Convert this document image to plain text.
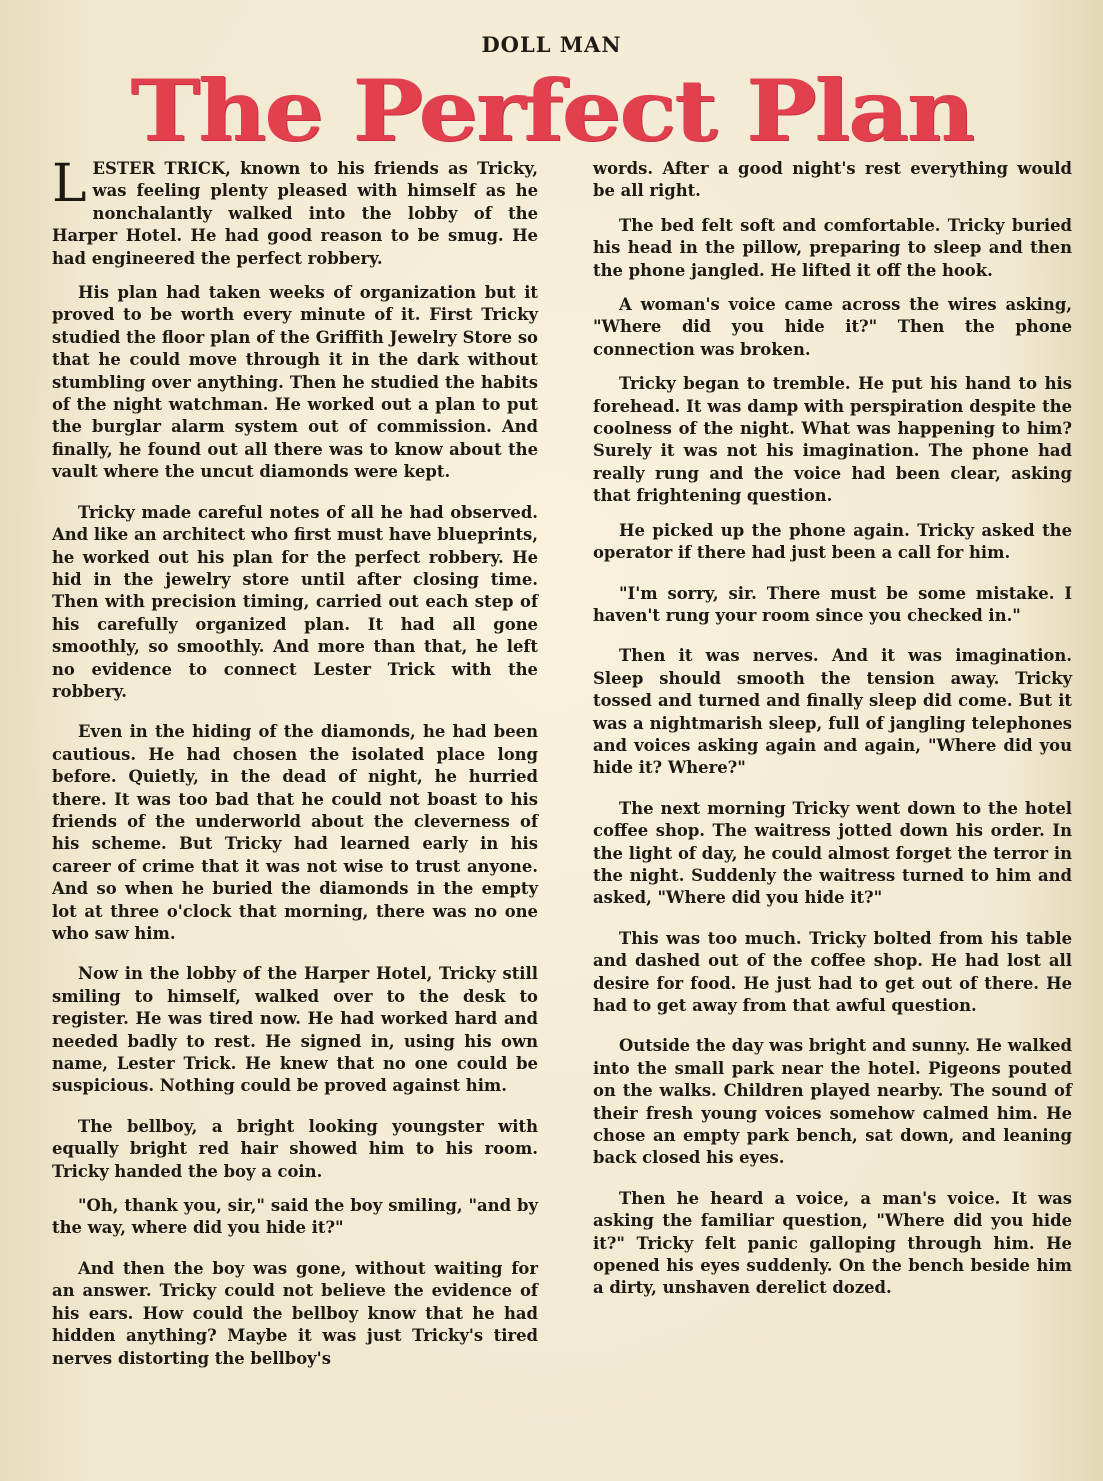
DOLL MAN
The Perfect Plan

LESTER TRICK, known to his friends as Tricky, was feeling plenty pleased with himself as he nonchalantly walked into the lobby of the Harper Hotel. He had good reason to be smug. He had engineered the perfect robbery.

His plan had taken weeks of organization but it proved to be worth every minute of it. First Tricky studied the floor plan of the Griffith Jewelry Store so that he could move through it in the dark without stumbling over anything. Then he studied the habits of the night watchman. He worked out a plan to put the burglar alarm system out of commission. And finally, he found out all there was to know about the vault where the uncut diamonds were kept.

Tricky made careful notes of all he had observed. And like an architect who first must have blueprints, he worked out his plan for the perfect robbery. He hid in the jewelry store until after closing time. Then with precision timing, carried out each step of his carefully organized plan. It had all gone smoothly, so smoothly. And more than that, he left no evidence to connect Lester Trick with the robbery.

Even in the hiding of the diamonds, he had been cautious. He had chosen the isolated place long before. Quietly, in the dead of night, he hurried there. It was too bad that he could not boast to his friends of the underworld about the cleverness of his scheme. But Tricky had learned early in his career of crime that it was not wise to trust anyone. And so when he buried the diamonds in the empty lot at three o'clock that morning, there was no one who saw him.

Now in the lobby of the Harper Hotel, Tricky still smiling to himself, walked over to the desk to register. He was tired now. He had worked hard and needed badly to rest. He signed in, using his own name, Lester Trick. He knew that no one could be suspicious. Nothing could be proved against him.

The bellboy, a bright looking youngster with equally bright red hair showed him to his room. Tricky handed the boy a coin.

"Oh, thank you, sir," said the boy smiling, "and by the way, where did you hide it?"

And then the boy was gone, without waiting for an answer. Tricky could not believe the evidence of his ears. How could the bellboy know that he had hidden anything? Maybe it was just Tricky's tired nerves distorting the bellboy's

words. After a good night's rest everything would be all right.

The bed felt soft and comfortable. Tricky buried his head in the pillow, preparing to sleep and then the phone jangled. He lifted it off the hook.

A woman's voice came across the wires asking, "Where did you hide it?" Then the phone connection was broken.

Tricky began to tremble. He put his hand to his forehead. It was damp with perspiration despite the coolness of the night. What was happening to him? Surely it was not his imagination. The phone had really rung and the voice had been clear, asking that frightening question.

He picked up the phone again. Tricky asked the operator if there had just been a call for him.

"I'm sorry, sir. There must be some mistake. I haven't rung your room since you checked in."

Then it was nerves. And it was imagination. Sleep should smooth the tension away. Tricky tossed and turned and finally sleep did come. But it was a nightmarish sleep, full of jangling telephones and voices asking again and again, "Where did you hide it? Where?"

The next morning Tricky went down to the hotel coffee shop. The waitress jotted down his order. In the light of day, he could almost forget the terror in the night. Suddenly the waitress turned to him and asked, "Where did you hide it?"

This was too much. Tricky bolted from his table and dashed out of the coffee shop. He had lost all desire for food. He just had to get out of there. He had to get away from that awful question.

Outside the day was bright and sunny. He walked into the small park near the hotel. Pigeons pouted on the walks. Children played nearby. The sound of their fresh young voices somehow calmed him. He chose an empty park bench, sat down, and leaning back closed his eyes.

Then he heard a voice, a man's voice. It was asking the familiar question, "Where did you hide it?" Tricky felt panic galloping through him. He opened his eyes suddenly. On the bench beside him a dirty, unshaven derelict dozed.
